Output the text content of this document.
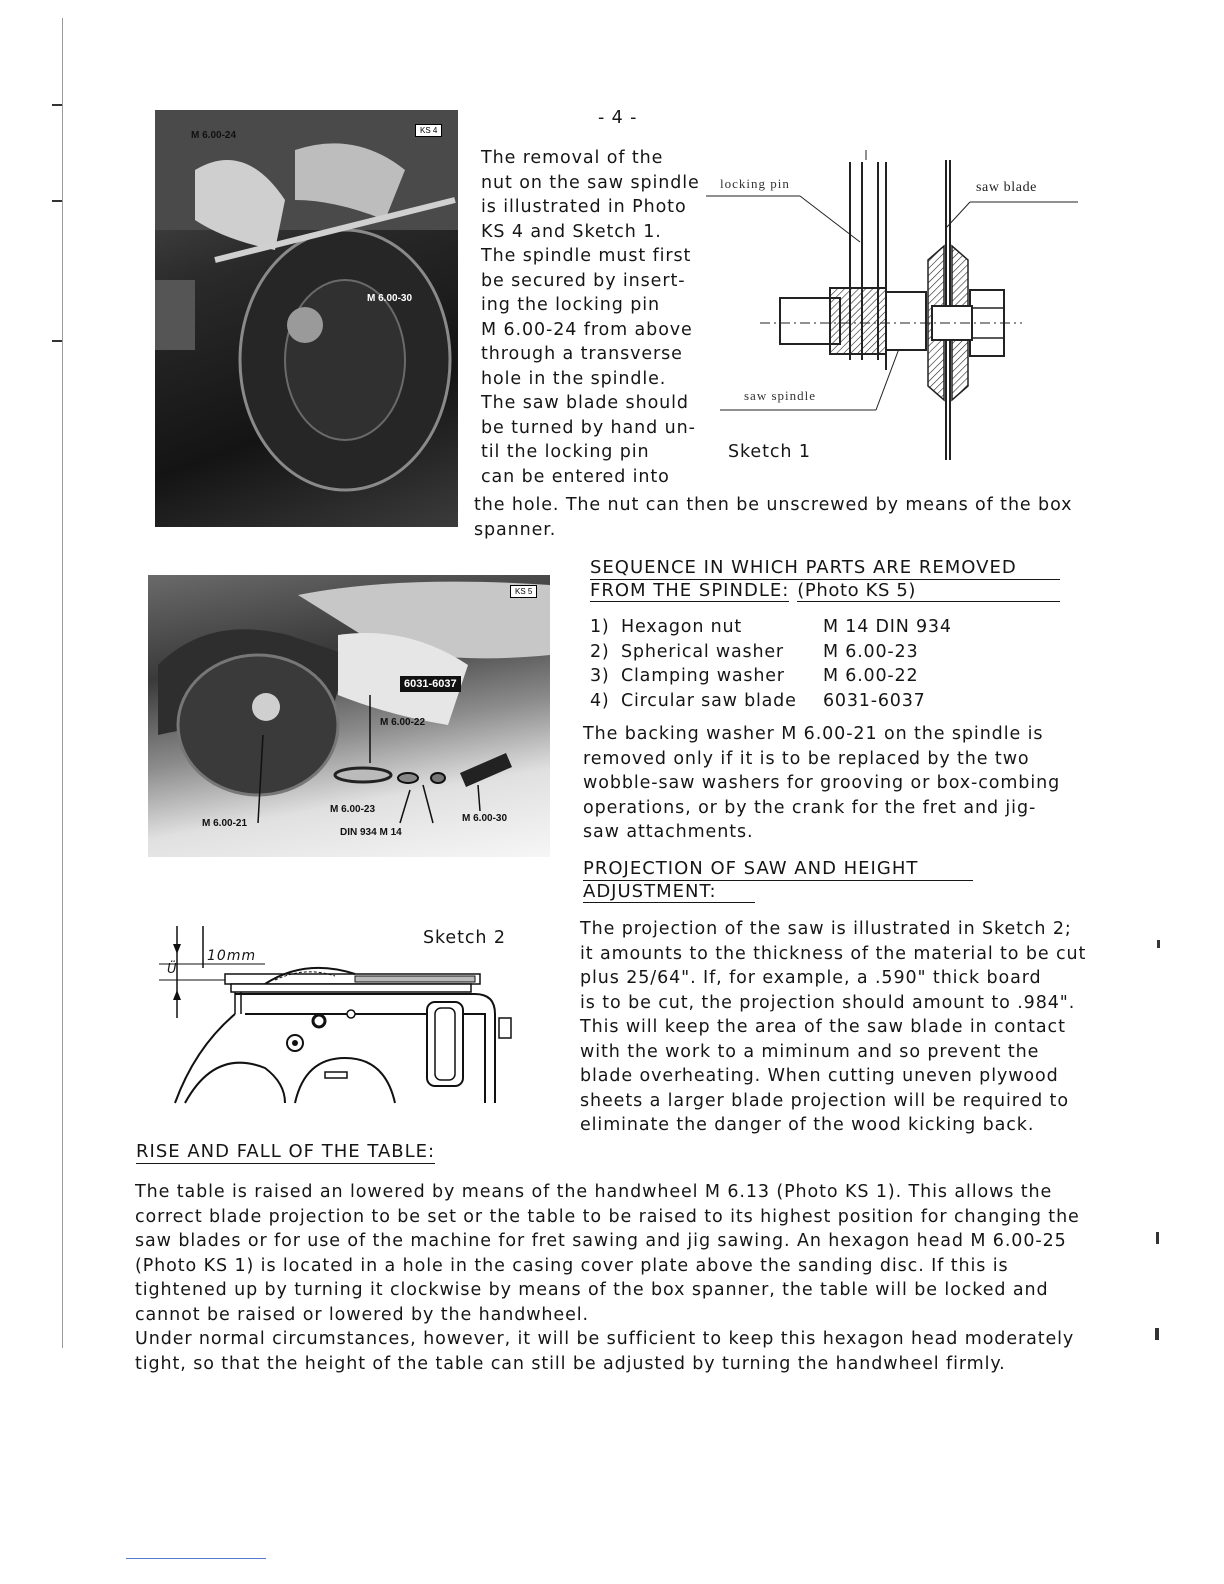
- 4 -
M 6.00-24
M 6.00-30
KS 4
The removal of the
nut on the saw spindle
is illustrated in Photo
KS 4 and Sketch 1.
The spindle must first
be secured by insert-
ing the locking pin
M 6.00-24 from above
through a transverse
hole in the spindle.
The saw blade should
be turned by hand un-
til the locking pin
can be entered into
the hole. The nut can then be unscrewed by means of the box
spanner.
locking pin	saw blade
saw spindle
Sketch 1
KS 5
6031-6037
M 6.00-22
M 6.00-23
DIN 934 M 14
M 6.00-30
M 6.00-21
SEQUENCE IN WHICH PARTS ARE REMOVED
FROM THE SPINDLE: (Photo KS 5)
1) Hexagon nut	M 14 DIN 934
2) Spherical washer M 6.00-23
3) Clamping washer M 6.00-22
4) Circular saw blade 6031-6037
The backing washer M 6.00-21 on the spindle is
removed only if it is to be replaced by the two
wobble-saw washers for grooving or box-combing
operations, or by the crank for the fret and jig-
saw attachments.
PROJECTION OF SAW AND HEIGHT
ADJUSTMENT:
The projection of the saw is illustrated in Sketch 2;
it amounts to the thickness of the material to be cut
plus 25/64". If, for example, a .590" thick board
is to be cut, the projection should amount to .984".
This will keep the area of the saw blade in contact
with the work to a miminum and so prevent the
blade overheating. When cutting uneven plywood
sheets a larger blade projection will be required to
eliminate the danger of the wood kicking back.
10mm
Ü
Sketch 2
RISE AND FALL OF THE TABLE:
The table is raised an lowered by means of the handwheel M 6.13 (Photo KS 1). This allows the
correct blade projection to be set or the table to be raised to its highest position for changing the
saw blades or for use of the machine for fret sawing and jig sawing. An hexagon head M 6.00-25
(Photo KS 1) is located in a hole in the casing cover plate above the sanding disc. If this is
tightened up by turning it clockwise by means of the box spanner, the table will be locked and
cannot be raised or lowered by the handwheel.
Under normal circumstances, however, it will be sufficient to keep this hexagon head moderately
tight, so that the height of the table can still be adjusted by turning the handwheel firmly.
